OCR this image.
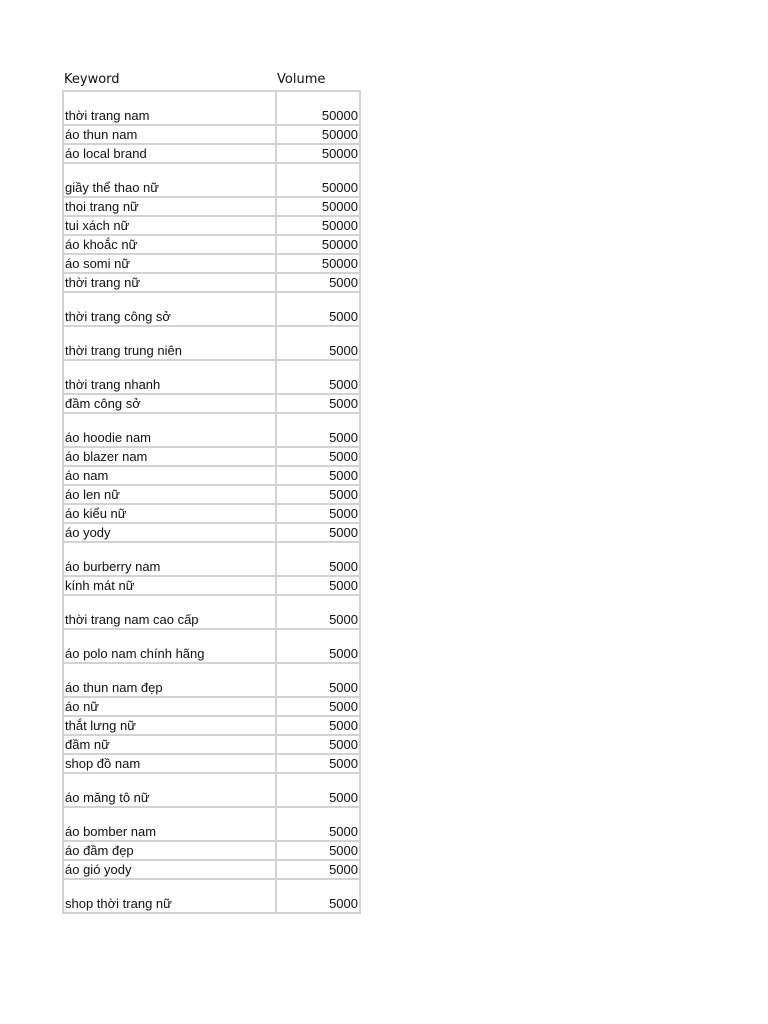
Keyword	Volume
thời trang nam	50000
áo thun nam	50000
áo local brand	50000
giầy thể thao nữ	50000
thoi trang nữ	50000
tui xách nữ	50000
áo khoắc nữ	50000
áo somi nữ	50000
thời trang nữ	5000
thời trang công sở	5000
thời trang trung niên	5000
thời trang nhanh	5000
đầm công sở	5000
áo hoodie nam	5000
áo blazer nam	5000
áo nam	5000
áo len nữ	5000
áo kiểu nữ	5000
áo yody	5000
áo burberry nam	5000
kính mát nữ	5000
thời trang nam cao cấp	5000
áo polo nam chính hãng	5000
áo thun nam đẹp	5000
áo nữ	5000
thắt lưng nữ	5000
đầm nữ	5000
shop đồ nam	5000
áo măng tô nữ	5000
áo bomber nam	5000
áo đầm đẹp	5000
áo gió yody	5000
shop thời trang nữ	5000
